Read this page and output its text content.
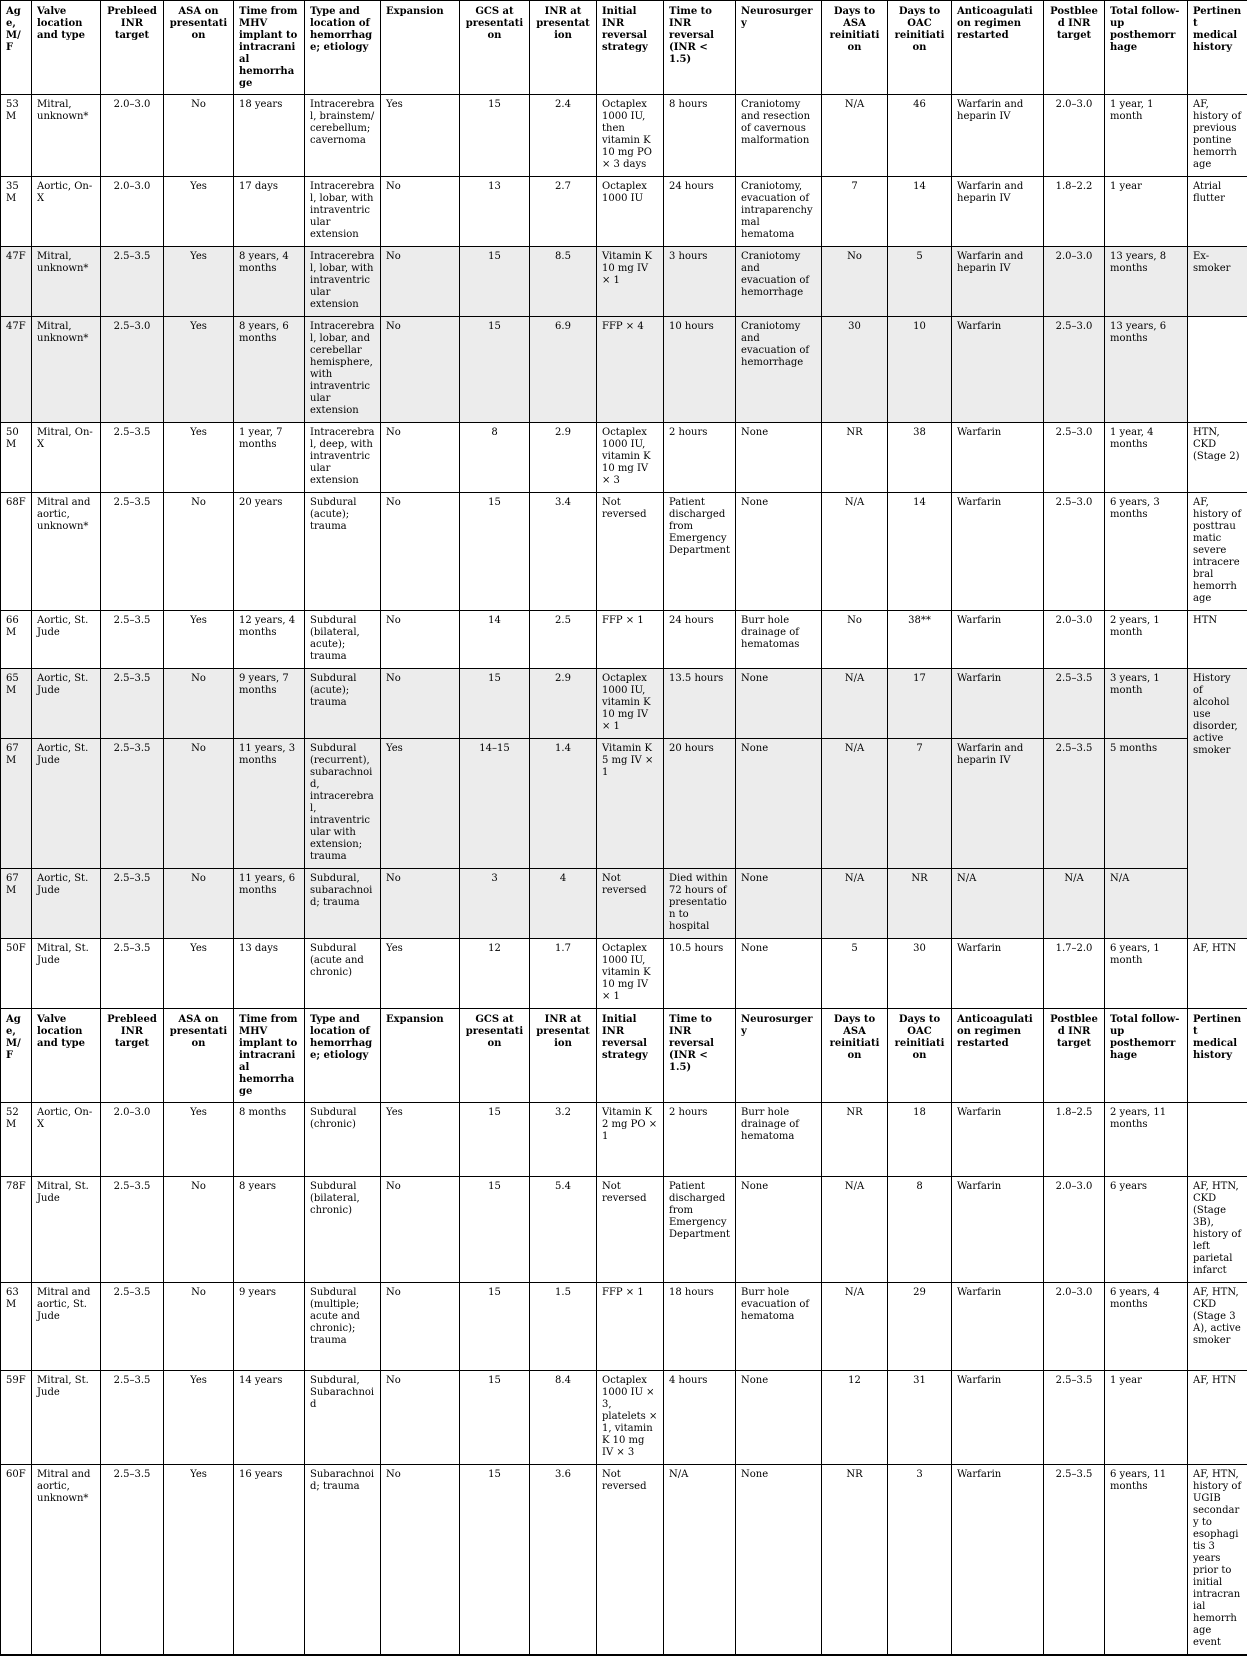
Age, M/F	Valve location and type	Prebleed INR target	ASA on presentation	Time from MHV implant to intracranial hemorrhage	Type and location of hemorrhage; etiology	Expansion	GCS at presentation	INR at presentation	Initial INR reversal strategy	Time to INR reversal (INR < 1.5)	Neurosurgery	Days to ASA reinitiation	Days to OAC reinitiation	Anticoagulation regimen restarted	Postbleed INR target	Total follow-up posthemorrhage	Pertinent medical history
53M	Mitral, unknown*	2.0–3.0	No	18 years	Intracerebral, brainstem/ cerebellum; cavernoma	Yes	15	2.4	Octaplex 1000 IU, then vitamin K 10 mg PO × 3 days	8 hours	Craniotomy and resection of cavernous malformation	N/A	46	Warfarin and heparin IV	2.0–3.0	1 year, 1 month	AF, history of previous pontine hemorrhage
35M	Aortic, On-X	2.0–3.0	Yes	17 days	Intracerebral, lobar, with intraventricular extension	No	13	2.7	Octaplex 1000 IU	24 hours	Craniotomy, evacuation of intraparenchymal hematoma	7	14	Warfarin and heparin IV	1.8–2.2	1 year	Atrial flutter
47F	Mitral, unknown*	2.5–3.5	Yes	8 years, 4 months	Intracerebral, lobar, with intraventricular extension	No	15	8.5	Vitamin K 10 mg IV × 1	3 hours	Craniotomy and evacuation of hemorrhage	No	5	Warfarin and heparin IV	2.0–3.0	13 years, 8 months	Ex-smoker
47F	Mitral, unknown*	2.5–3.0	Yes	8 years, 6 months	Intracerebral, lobar, and cerebellar hemisphere, with intraventricular extension	No	15	6.9	FFP × 4	10 hours	Craniotomy and evacuation of hemorrhage	30	10	Warfarin	2.5–3.0	13 years, 6 months	
50M	Mitral, On-X	2.5–3.5	Yes	1 year, 7 months	Intracerebral, deep, with intraventricular extension	No	8	2.9	Octaplex 1000 IU, vitamin K 10 mg IV × 3	2 hours	None	NR	38	Warfarin	2.5–3.0	1 year, 4 months	HTN, CKD (Stage 2)
68F	Mitral and aortic, unknown*	2.5–3.5	No	20 years	Subdural (acute); trauma	No	15	3.4	Not reversed	Patient discharged from Emergency Department	None	N/A	14	Warfarin	2.5–3.0	6 years, 3 months	AF, history of posttraumatic severe intracerebral hemorrhage
66M	Aortic, St. Jude	2.5–3.5	Yes	12 years, 4 months	Subdural (bilateral, acute); trauma	No	14	2.5	FFP × 1	24 hours	Burr hole drainage of hematomas	No	38**	Warfarin	2.0–3.0	2 years, 1 month	HTN
65M	Aortic, St. Jude	2.5–3.5	No	9 years, 7 months	Subdural (acute); trauma	No	15	2.9	Octaplex 1000 IU, vitamin K 10 mg IV × 1	13.5 hours	None	N/A	17	Warfarin	2.5–3.5	3 years, 1 month	History of alcohol use disorder, active smoker
67M	Aortic, St. Jude	2.5–3.5	No	11 years, 3 months	Subdural (recurrent), subarachnoid, intracerebral, intraventricular with extension; trauma	Yes	14–15	1.4	Vitamin K 5 mg IV × 1	20 hours	None	N/A	7	Warfarin and heparin IV	2.5–3.5	5 months	
67M	Aortic, St. Jude	2.5–3.5	No	11 years, 6 months	Subdural, subarachnoid; trauma	No	3	4	Not reversed	Died within 72 hours of presentation to hospital	None	N/A	NR	N/A	N/A	N/A	
50F	Mitral, St. Jude	2.5–3.5	Yes	13 days	Subdural (acute and chronic)	Yes	12	1.7	Octaplex 1000 IU, vitamin K 10 mg IV × 1	10.5 hours	None	5	30	Warfarin	1.7–2.0	6 years, 1 month	AF, HTN
Age, M/F	Valve location and type	Prebleed INR target	ASA on presentation	Time from MHV implant to intracranial hemorrhage	Type and location of hemorrhage; etiology	Expansion	GCS at presentation	INR at presentation	Initial INR reversal strategy	Time to INR reversal (INR < 1.5)	Neurosurgery	Days to ASA reinitiation	Days to OAC reinitiation	Anticoagulation regimen restarted	Postbleed INR target	Total follow-up posthemorrhage	Pertinent medical history
52M	Aortic, On-X	2.0–3.0	Yes	8 months	Subdural (chronic)	Yes	15	3.2	Vitamin K 2 mg PO × 1	2 hours	Burr hole drainage of hematoma	NR	18	Warfarin	1.8–2.5	2 years, 11 months	
78F	Mitral, St. Jude	2.5–3.5	No	8 years	Subdural (bilateral, chronic)	No	15	5.4	Not reversed	Patient discharged from Emergency Department	None	N/A	8	Warfarin	2.0–3.0	6 years	AF, HTN, CKD (Stage 3B), history of left parietal infarct
63M	Mitral and aortic, St. Jude	2.5–3.5	No	9 years	Subdural (multiple; acute and chronic); trauma	No	15	1.5	FFP × 1	18 hours	Burr hole evacuation of hematoma	N/A	29	Warfarin	2.0–3.0	6 years, 4 months	AF, HTN, CKD (Stage 3 A), active smoker
59F	Mitral, St. Jude	2.5–3.5	Yes	14 years	Subdural, Subarachnoid	No	15	8.4	Octaplex 1000 IU × 3, platelets × 1, vitamin K 10 mg IV × 3	4 hours	None	12	31	Warfarin	2.5–3.5	1 year	AF, HTN
60F	Mitral and aortic, unknown*	2.5–3.5	Yes	16 years	Subarachnoid; trauma	No	15	3.6	Not reversed	N/A	None	NR	3	Warfarin	2.5–3.5	6 years, 11 months	AF, HTN, history of UGIB secondary to esophagitis 3 years prior to initial intracranial hemorrhage event
